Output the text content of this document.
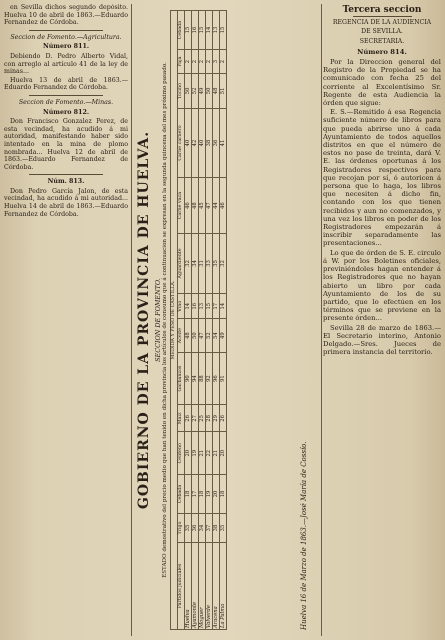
en Sevilla dichos segundo depósito. Huelva 10 de abril de 1863.—Eduardo Fernandez de Córdoba.

Seccion de Fomento.—Agricultura.

Número 811.

Debiendo D. Pedro Alberto Vidal, con arreglo al artículo 41 de la ley de minas...

Huelva 13 de abril de 1863.—Eduardo Fernandez de Córdoba.

Seccion de Fomento.—Minas.

Número 812.

Don Francisco Gonzalez Perez, de esta vecindad, ha acudido á mi autoridad, manifestando haber sido intentado en la mina de plomo nombrada... Huelva 12 de abril de 1863.—Eduardo Fernandez de Córdoba.

Núm. 813.

Don Pedro García Jalon, de esta vecindad, ha acudido á mi autoridad... Huelva 14 de abril de 1863.—Eduardo Fernandez de Córdoba.	GOBIERNO DE LA PROVINCIA DE HUELVA. SECCION DE FOMENTO. ESTADO demostrativo del precio medio que han tenido en dicha provincia los artículos de consumo que á continuacion se expresan en la segunda quincena del mes próximo pasado. MEDIDA Y PESO DE CASTILLA.													
Partidos judiciales	Trigo	Cebada	Centeno	Maiz	Garbanzos	Aceite	Vino	Aguardiente	Carne vaca	Carne carnero	Tocino	Paja	Cebada
Huelva	35	18	20	26	90	48	14	32	46	40	50	2	15
Ayamonte	36	17	19	27	94	50	16	34	48	42	52	2	16
Moguer	34	18	21	25	88	47	13	31	45	40	49	2	15
Valverde	37	19	22	28	92	52	15	33	47	38	50	2	14
Aracena	38	20	21	29	96	54	17	35	44	36	48	3	13
La Palma	35	18	20	26	91	49	14	32	46	41	51	2	15
Huelva 16 de Marzo de 1863.—José María de Cossío.
Tercera seccion
REGENCIA DE LA AUDIENCIA
DE SEVILLA.
SECRETARIA.
Número 814.

Por la Direccion general del Registro de la Propiedad se ha comunicado con fecha 25 del corriente al Excelentísimo Sr. Regente de esta Audiencia la órden que sigue:

E. S.—Remitido á esa Regencia suficiente número de libros para que pueda abrirse uno á cada Ayuntamiento de todos aquellos distritos en que el número de estos no pase de treinta, dará V. E. las órdenes oportunas á los Registradores respectivos para que recojan por sí, ó autoricen á persona que lo haga, los libros que necesiten á dicho fin, contando con los que tienen recibidos y aun no comenzados, y una vez los libros en poder de los Registradores empezarán á inscribir separadamente las presentaciones...

Lo que de órden de S. E. circulo á W. por los Boletines oficiales, previniéndoles hagan entender á los Registradores que no hayan abierto un libro por cada Ayuntamiento de los de su partido, que lo efectúen en los términos que se previene en la presente órden...

Sevilla 28 de marzo de 1863.—El Secretario interino, Antonio Delgado.—Sres. Jueces de primera instancia del territorio.
